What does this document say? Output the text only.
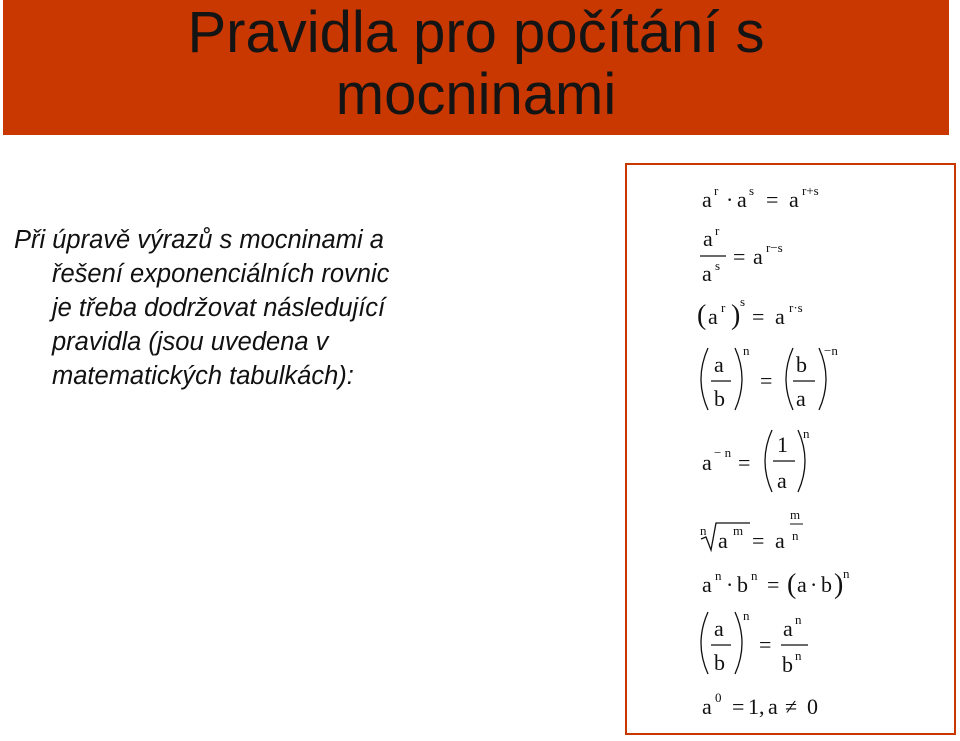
Pravidla pro počítání s
mocninami
Při úpravě výrazů s mocninami a
řešení exponenciálních rovnic
je třeba dodržovat následující
pravidla (jsou uvedena v
matematických tabulkách):
a r · a s = a r+s
a r
a s = a r−s
( a r ) s
= a r·s
a
b
n
=
b
a
−n
a − n =
1
a
n
n a m = a
m
n
a n · b n = ( a · b ) n
a
b
n
=
a n
b n
a 0 = 1, a ≠ 0
